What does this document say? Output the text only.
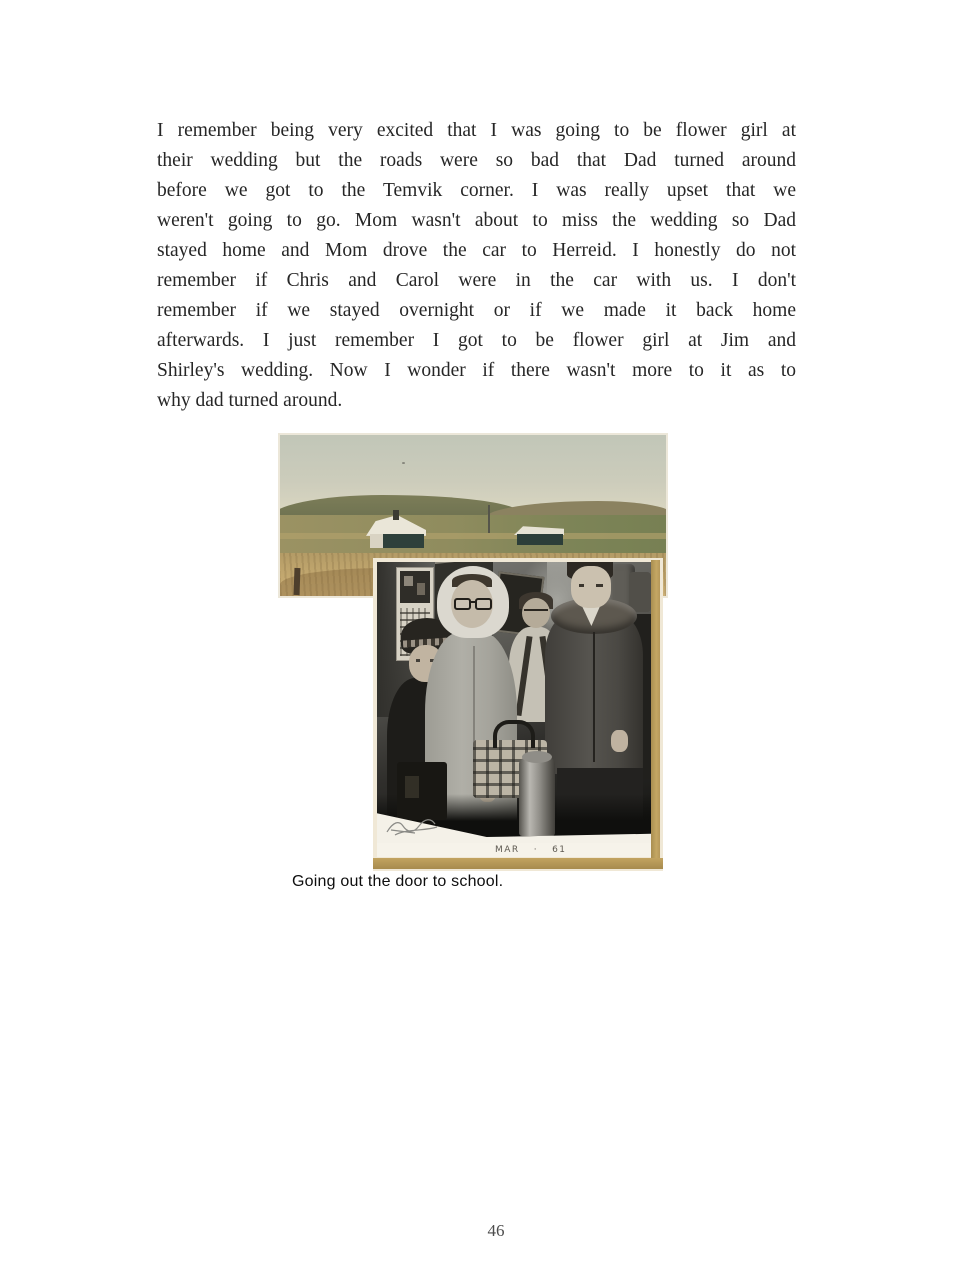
I remember being very excited that I was going to be flower girl at
their wedding but the roads were so bad that Dad turned around
before we got to the Temvik corner. I was really upset that we
weren't going to go. Mom wasn't about to miss the wedding so Dad
stayed home and Mom drove the car to Herreid. I honestly do not
remember if Chris and Carol were in the car with us. I don't
remember if we stayed overnight or if we made it back home
afterwards. I just remember I got to be flower girl at Jim and
Shirley's wedding. Now I wonder if there wasn't more to it as to
why dad turned around.
MAR · 61
Going out the door to school.
46
